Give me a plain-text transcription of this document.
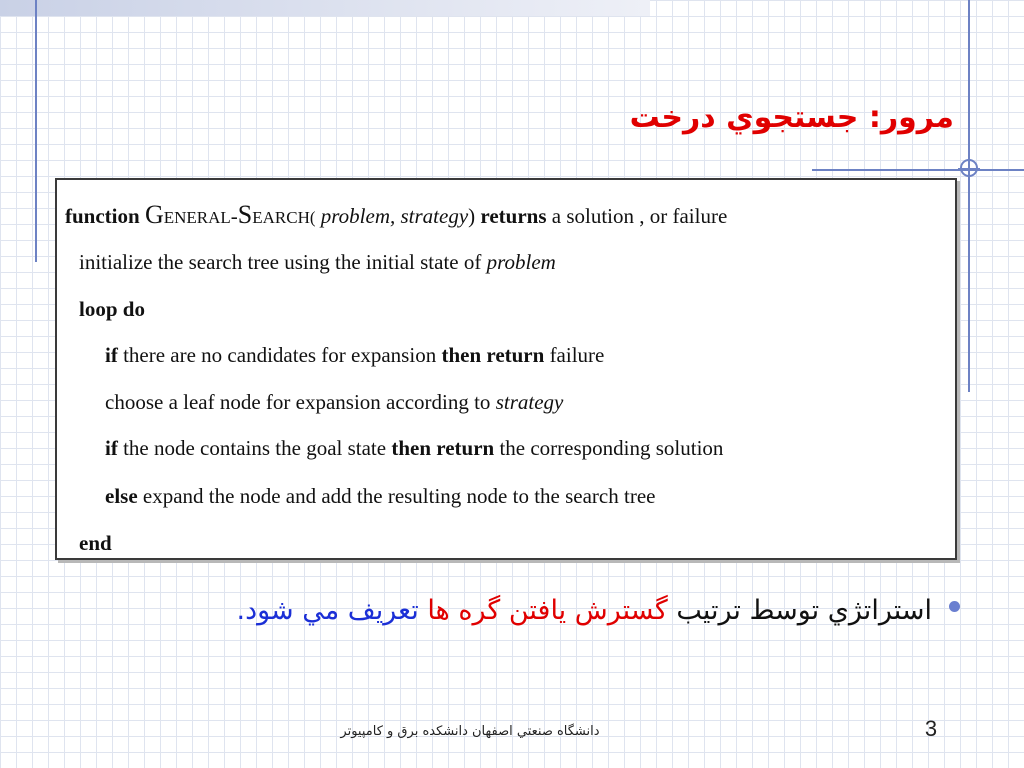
مرور: جستجوي درخت
function GENERAL-SEARCH( problem, strategy) returns a solution , or failure
initialize the search tree using the initial state of problem
loop do
if there are no candidates for expansion then return failure
choose a leaf node for expansion according to strategy
if the node contains the goal state then return the corresponding solution
else expand the node and add the resulting node to the search tree
end
استراتژي توسط ترتيب گسترش يافتن گره ها تعريف مي شود.
دانشگاه صنعتي اصفهان دانشكده برق و كامپيوتر	3
